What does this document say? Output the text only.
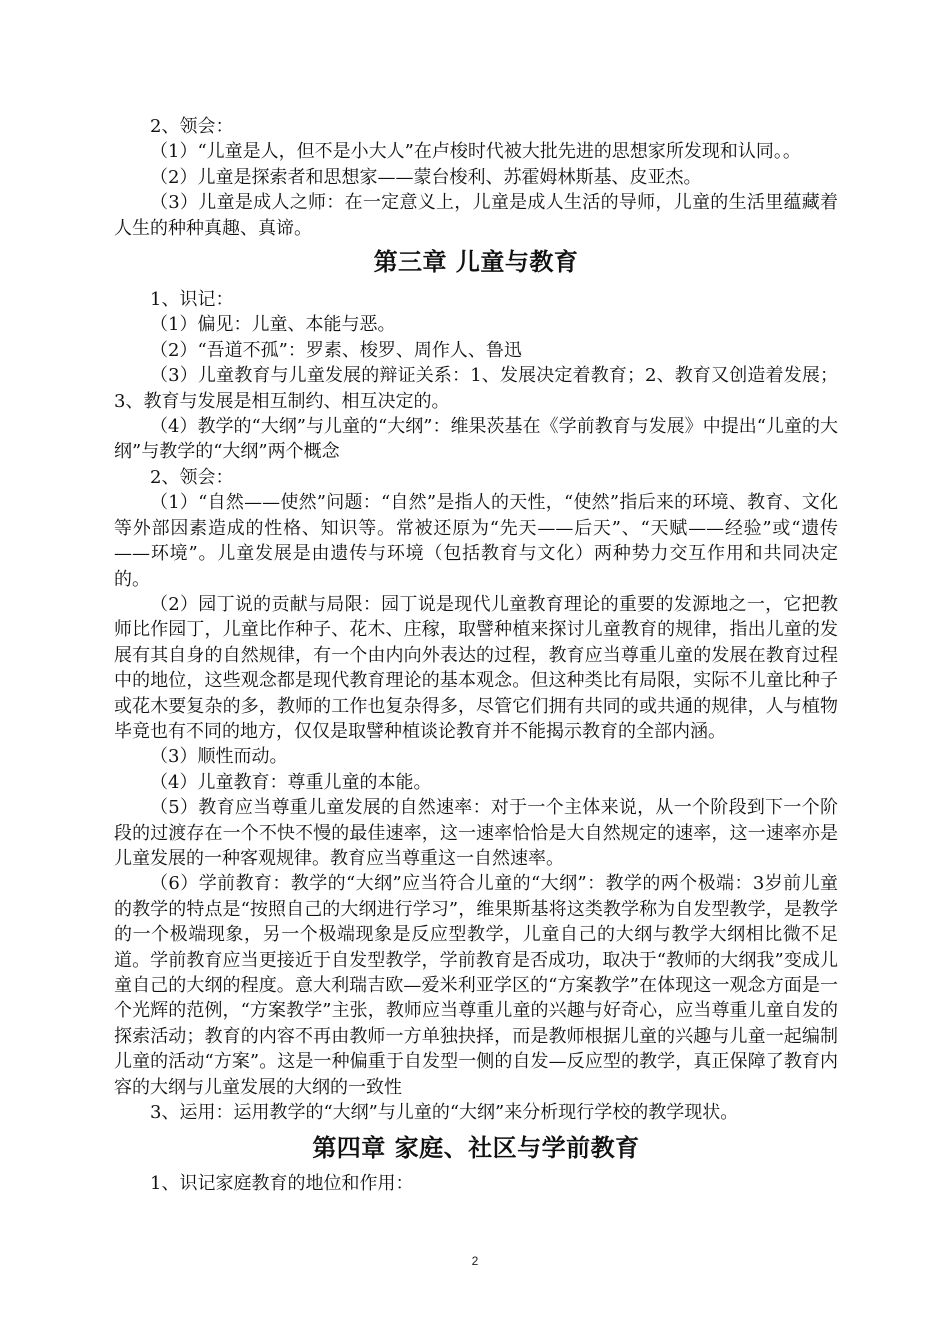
2、领会：

（1）“儿童是人，但不是小大人”在卢梭时代被大批先进的思想家所发现和认同。。

（2）儿童是探索者和思想家——蒙台梭利、苏霍姆林斯基、皮亚杰。

（3）儿童是成人之师：在一定意义上，儿童是成人生活的导师，儿童的生活里蕴藏着人生的种种真趣、真谛。

第三章 儿童与教育

1、识记：

（1）偏见：儿童、本能与恶。

（2）“吾道不孤”：罗素、梭罗、周作人、鲁迅

（3）儿童教育与儿童发展的辩证关系：1、发展决定着教育；2、教育又创造着发展；3、教育与发展是相互制约、相互决定的。

（4）教学的“大纲”与儿童的“大纲”：维果茨基在《学前教育与发展》中提出“儿童的大纲”与教学的“大纲”两个概念

2、领会：

（1）“自然——使然”问题：“自然”是指人的天性，“使然”指后来的环境、教育、文化等外部因素造成的性格、知识等。常被还原为“先天——后天”、“天赋——经验”或“遗传——环境”。儿童发展是由遗传与环境（包括教育与文化）两种势力交互作用和共同决定的。

（2）园丁说的贡献与局限：园丁说是现代儿童教育理论的重要的发源地之一，它把教师比作园丁，儿童比作种子、花木、庄稼，取譬种植来探讨儿童教育的规律，指出儿童的发展有其自身的自然规律，有一个由内向外表达的过程，教育应当尊重儿童的发展在教育过程中的地位，这些观念都是现代教育理论的基本观念。但这种类比有局限，实际不儿童比种子或花木要复杂的多，教师的工作也复杂得多，尽管它们拥有共同的或共通的规律，人与植物毕竟也有不同的地方，仅仅是取譬种植谈论教育并不能揭示教育的全部内涵。

（3）顺性而动。

（4）儿童教育：尊重儿童的本能。

（5）教育应当尊重儿童发展的自然速率：对于一个主体来说，从一个阶段到下一个阶段的过渡存在一个不快不慢的最佳速率，这一速率恰恰是大自然规定的速率，这一速率亦是儿童发展的一种客观规律。教育应当尊重这一自然速率。

（6）学前教育：教学的“大纲”应当符合儿童的“大纲”：教学的两个极端：3岁前儿童的教学的特点是“按照自己的大纲进行学习”，维果斯基将这类教学称为自发型教学，是教学的一个极端现象，另一个极端现象是反应型教学，儿童自己的大纲与教学大纲相比微不足道。学前教育应当更接近于自发型教学，学前教育是否成功，取决于“教师的大纲我”变成儿童自己的大纲的程度。意大利瑞吉欧—爱米利亚学区的“方案教学”在体现这一观念方面是一个光辉的范例，“方案教学”主张，教师应当尊重儿童的兴趣与好奇心，应当尊重儿童自发的探索活动；教育的内容不再由教师一方单独抉择，而是教师根据儿童的兴趣与儿童一起编制儿童的活动“方案”。这是一种偏重于自发型一侧的自发—反应型的教学，真正保障了教育内容的大纲与儿童发展的大纲的一致性

3、运用：运用教学的“大纲”与儿童的“大纲”来分析现行学校的教学现状。

第四章 家庭、社区与学前教育

1、识记家庭教育的地位和作用：

2
